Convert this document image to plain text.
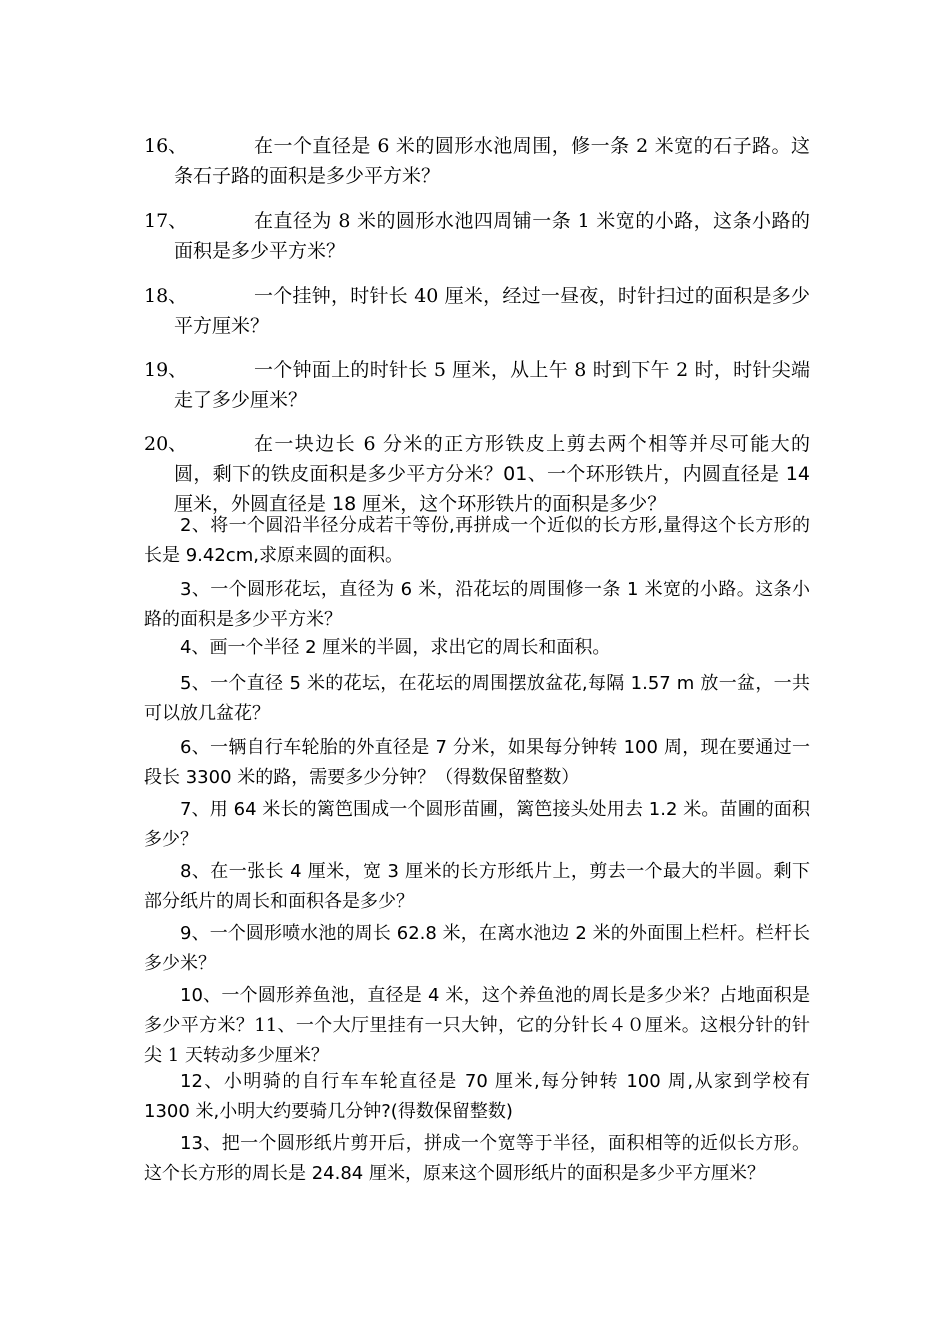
16、	在一个直径是 6 米的圆形水池周围，修一条 2 米宽的石子路。这条石子路的面积是多少平方米？
17、	在直径为 8 米的圆形水池四周铺一条 1 米宽的小路，这条小路的面积是多少平方米？
18、	一个挂钟，时针长 40 厘米，经过一昼夜，时针扫过的面积是多少平方厘米？
19、	一个钟面上的时针长 5 厘米，从上午 8 时到下午 2 时，时针尖端走了多少厘米？
20、	在一块边长 6 分米的正方形铁皮上剪去两个相等并尽可能大的圆，剩下的铁皮面积是多少平方分米？01、一个环形铁片，内圆直径是 14 厘米，外圆直径是 18 厘米，这个环形铁片的面积是多少？
2、将一个圆沿半径分成若干等份,再拼成一个近似的长方形,量得这个长方形的长是 9.42cm,求原来圆的面积。
3、一个圆形花坛，直径为 6 米，沿花坛的周围修一条 1 米宽的小路。这条小路的面积是多少平方米？
4、画一个半径 2 厘米的半圆，求出它的周长和面积。
5、一个直径 5 米的花坛，在花坛的周围摆放盆花,每隔 1.57 m 放一盆，一共可以放几盆花？
6、一辆自行车轮胎的外直径是 7 分米，如果每分钟转 100 周，现在要通过一段长 3300 米的路，需要多少分钟？（得数保留整数）
7、用 64 米长的篱笆围成一个圆形苗圃，篱笆接头处用去 1.2 米。苗圃的面积多少？
8、在一张长 4 厘米，宽 3 厘米的长方形纸片上，剪去一个最大的半圆。剩下部分纸片的周长和面积各是多少？
9、一个圆形喷水池的周长 62.8 米，在离水池边 2 米的外面围上栏杆。栏杆长多少米？
10、一个圆形养鱼池，直径是 4 米，这个养鱼池的周长是多少米？占地面积是多少平方米？11、一个大厅里挂有一只大钟，它的分针长４０厘米。这根分针的针尖 1 天转动多少厘米？
12、小明骑的自行车车轮直径是 70 厘米,每分钟转 100 周,从家到学校有 1300 米,小明大约要骑几分钟?(得数保留整数)
13、把一个圆形纸片剪开后，拼成一个宽等于半径，面积相等的近似长方形。这个长方形的周长是 24.84 厘米，原来这个圆形纸片的面积是多少平方厘米？
